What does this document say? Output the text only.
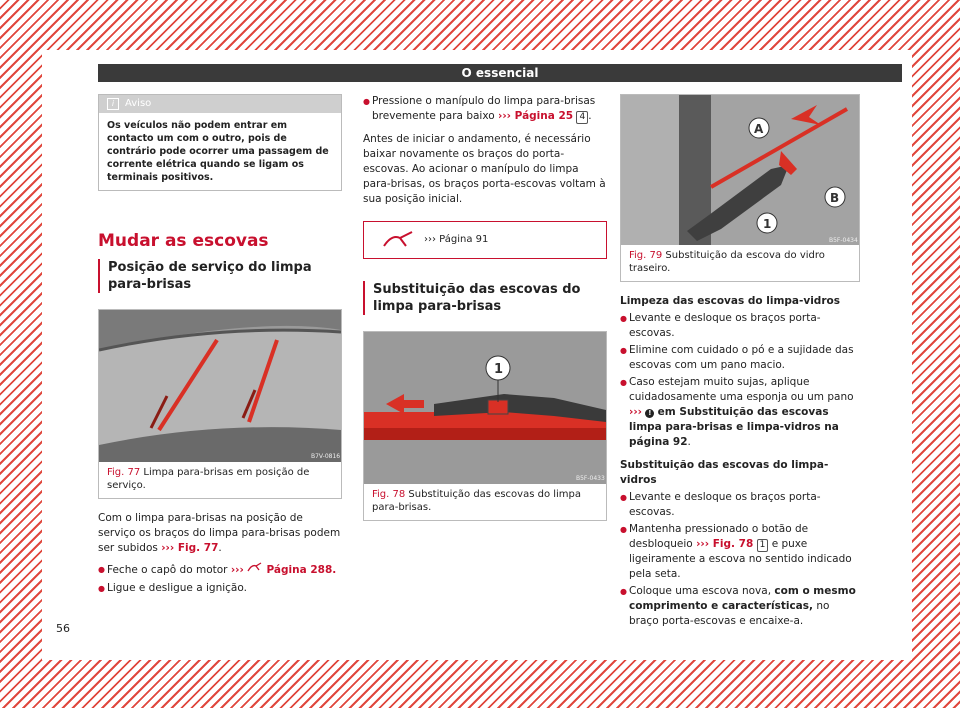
O essencial
i Aviso
Os veículos não podem entrar em contacto um com o outro, pois de contrário pode ocorrer uma passagem de corrente elétrica quando se ligam os terminais positivos.
Mudar as escovas
Posição de serviço do limpa para-brisas
B7V-0816
Fig. 77 Limpa para-brisas em posição de serviço.

Com o limpa para-brisas na posição de serviço os braços do limpa para-brisas podem ser subidos ››› Fig. 77.

● Feche o capô do motor ››› Página 288.
● Ligue e desligue a ignição.
● Pressione o manípulo do limpa para-brisas brevemente para baixo ››› Página 25 4 .

Antes de iniciar o andamento, é necessário baixar novamente os braços do porta-escovas. Ao acionar o manípulo do limpa para-brisas, os braços porta-escovas voltam à sua posição inicial.

››› Página 91
Substituição das escovas do limpa para-brisas
1
B5F-0433
Fig. 78 Substituição das escovas do limpa para-brisas.
A
B
1
B5F-0434
Fig. 79 Substituição da escova do vidro traseiro.
Limpeza das escovas do limpa-vidros
● Levante e desloque os braços porta-escovas.
● Elimine com cuidado o pó e a sujidade das escovas com um pano macio.
● Caso estejam muito sujas, aplique cuidadosamente uma esponja ou um pano ››› ! em Substituição das escovas limpa para-brisas e limpa-vidros na página 92.
Substituição das escovas do limpa-vidros
● Levante e desloque os braços porta-escovas.
● Mantenha pressionado o botão de desbloqueio ››› Fig. 78 1 e puxe ligeiramente a escova no sentido indicado pela seta.
● Coloque uma escova nova, com o mesmo comprimento e características, no braço porta-escovas e encaixe-a.
56
